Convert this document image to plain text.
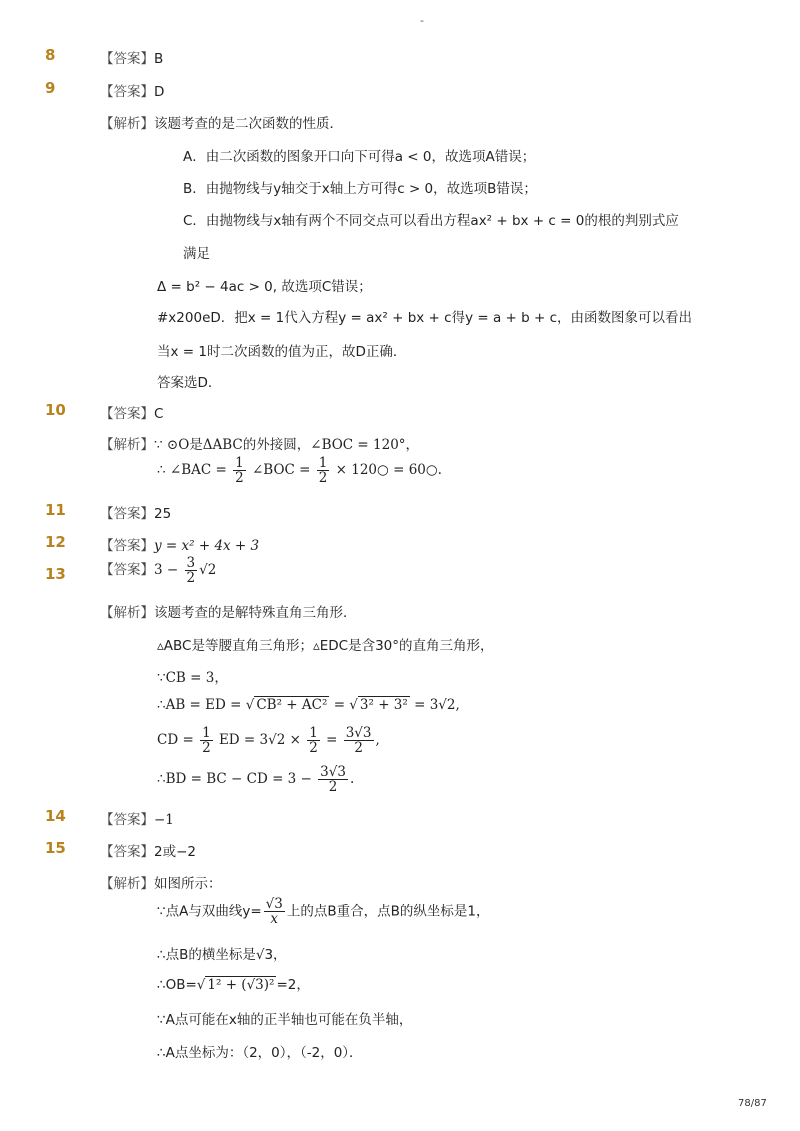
-
8	【答案】B
9	【答案】D
【解析】该题考查的是二次函数的性质．
A．由二次函数的图象开口向下可得a < 0，故选项A错误；
B．由抛物线与y轴交于x轴上方可得c > 0，故选项B错误；
C．由抛物线与x轴有两个不同交点可以看出方程ax² + bx + c = 0的根的判别式应
满足
Δ = b² − 4ac > 0, 故选项C错误；
#x200eD．把x = 1代入方程y = ax² + bx + c得y = a + b + c，由函数图象可以看出
当x = 1时二次函数的值为正，故D正确．
答案选D．
10	【答案】C
【解析】∵ ⊙O是ΔABC的外接圆，∠BOC = 120°，
∴ ∠BAC = $\frac{1}{2}$ ∠BOC = $\frac{1}{2}$ × 120○ = 60○.
11	【答案】25
12	【答案】y = x² + 4x + 3
13	【答案】$3 - \frac{3}{2} √2$
【解析】该题考查的是解特殊直角三角形．
▵ABC是等腰直角三角形；▵EDC是含30°的直角三角形，
∵CB = 3，
∴AB = ED = √ CB² + AC² = √ 3² + 3² = 3√2,
CD = $\frac{1}{2}$ ED = $3√2 \times \frac{1}{2} = \frac{3√3}{2}$ ,
∴BD = BC − CD = $3 - \frac{3√3}{2}$ .
14	【答案】−1
15	【答案】2或−2
【解析】如图所示：
∵点A与双曲线$y= \frac{√3}{x}$ 上的点B重合，点B的纵坐标是1，
∴点B的横坐标是√3，
∴OB=√ 1² + (√3)² =2，
∵A点可能在x轴的正半轴也可能在负半轴，
∴A点坐标为：（2，0），（-2，0）．
78/87
